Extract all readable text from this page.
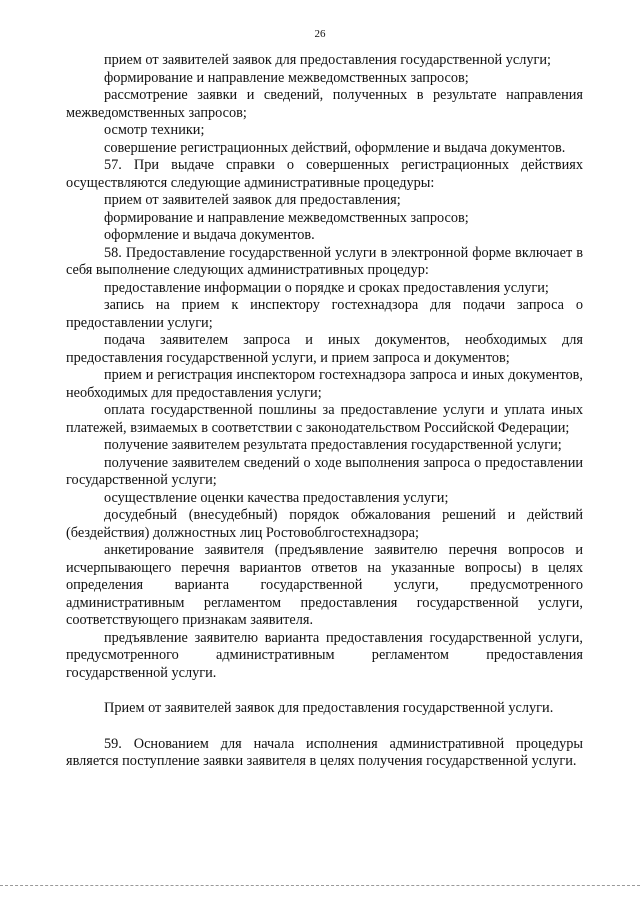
26

прием от заявителей заявок для предоставления государственной услуги;

формирование и направление межведомственных запросов;

рассмотрение заявки и сведений, полученных в результате направления межведомственных запросов;

осмотр техники;

совершение регистрационных действий, оформление и выдача документов.

57. При выдаче справки о совершенных регистрационных действиях осуществляются следующие административные процедуры:

прием от заявителей заявок для предоставления;

формирование и направление межведомственных запросов;

оформление и выдача документов.

58. Предоставление государственной услуги в электронной форме включает в себя выполнение следующих административных процедур:

предоставление информации о порядке и сроках предоставления услуги;

запись на прием к инспектору гостехнадзора для подачи запроса о предоставлении услуги;

подача заявителем запроса и иных документов, необходимых для предоставления государственной услуги, и прием запроса и документов;

прием и регистрация инспектором гостехнадзора запроса и иных документов, необходимых для предоставления услуги;

оплата государственной пошлины за предоставление услуги и уплата иных платежей, взимаемых в соответствии с законодательством Российской Федерации;

получение заявителем результата предоставления государственной услуги;

получение заявителем сведений о ходе выполнения запроса о предоставлении государственной услуги;

осуществление оценки качества предоставления услуги;

досудебный (внесудебный) порядок обжалования решений и действий (бездействия) должностных лиц Ростовоблгостехнадзора;

анкетирование заявителя (предъявление заявителю перечня вопросов и исчерпывающего перечня вариантов ответов на указанные вопросы) в целях определения варианта государственной услуги, предусмотренного административным регламентом предоставления государственной услуги, соответствующего признакам заявителя.

предъявление заявителю варианта предоставления государственной услуги, предусмотренного административным регламентом предоставления государственной услуги.

Прием от заявителей заявок для предоставления государственной услуги.

59. Основанием для начала исполнения административной процедуры является поступление заявки заявителя в целях получения государственной услуги.
